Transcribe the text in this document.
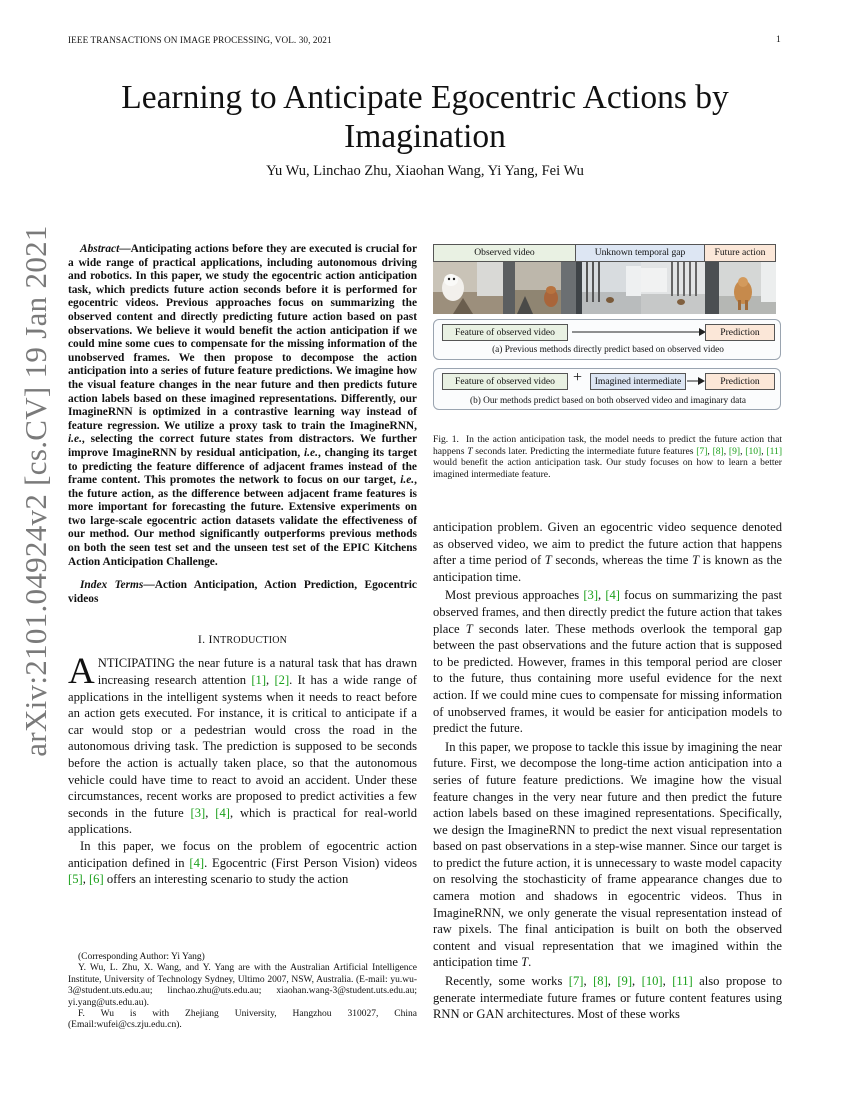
IEEE TRANSACTIONS ON IMAGE PROCESSING, VOL. 30, 2021	1
arXiv:2101.04924v2 [cs.CV] 19 Jan 2021
Learning to Anticipate Egocentric Actions by Imagination
Yu Wu, Linchao Zhu, Xiaohan Wang, Yi Yang, Fei Wu

Abstract—Anticipating actions before they are executed is crucial for a wide range of practical applications, including autonomous driving and robotics. In this paper, we study the egocentric action anticipation task, which predicts future action seconds before it is performed for egocentric videos. Previous approaches focus on summarizing the observed content and directly predicting future action based on past observations. We believe it would benefit the action anticipation if we could mine some cues to compensate for the missing information of the unobserved frames. We then propose to decompose the action anticipation into a series of future feature predictions. We imagine how the visual feature changes in the near future and then predicts future action labels based on these imagined representations. Differently, our ImagineRNN is optimized in a contrastive learning way instead of feature regression. We utilize a proxy task to train the ImagineRNN, i.e., selecting the correct future states from distractors. We further improve ImagineRNN by residual anticipation, i.e., changing its target to predicting the feature difference of adjacent frames instead of the frame content. This promotes the network to focus on our target, i.e., the future action, as the difference between adjacent frame features is more important for forecasting the future. Extensive experiments on two large-scale egocentric action datasets validate the effectiveness of our method. Our method significantly outperforms previous methods on both the seen test set and the unseen test set of the EPIC Kitchens Action Anticipation Challenge.

Index Terms—Action Anticipation, Action Prediction, Egocentric videos

I. INTRODUCTION

ANTICIPATING the near future is a natural task that has drawn increasing research attention [1], [2]. It has a wide range of applications in the intelligent systems when it needs to react before an action gets executed. For instance, it is critical to anticipate if a car would stop or a pedestrian would cross the road in the autonomous driving task. The prediction is supposed to be seconds before the action is actually taken place, so that the autonomous vehicle could have time to react to avoid an accident. Under these circumstances, recent works are proposed to predict activities a few seconds in the future [3], [4], which is practical for real-world applications.

In this paper, we focus on the problem of egocentric action anticipation defined in [4]. Egocentric (First Person Vision) videos [5], [6] offers an interesting scenario to study the action

(Corresponding Author: Yi Yang)

Y. Wu, L. Zhu, X. Wang, and Y. Yang are with the Australian Artificial Intelligence Institute, University of Technology Sydney, Ultimo 2007, NSW, Australia. (E-mail: yu.wu-3@student.uts.edu.au; linchao.zhu@uts.edu.au; xiaohan.wang-3@student.uts.edu.au; yi.yang@uts.edu.au).

F. Wu is with Zhejiang University, Hangzhou 310027, China (Email:wufei@cs.zju.edu.cn).

Observed video	Unknown temporal gap	Future action
Feature of observed video	Prediction
(a) Previous methods directly predict based on observed video
Feature of observed video	+	Imagined intermediate	Prediction
(b) Our methods predict based on both observed video and imaginary data
Fig. 1. In the action anticipation task, the model needs to predict the future action that happens T seconds later. Predicting the intermediate future features [7], [8], [9], [10], [11] would benefit the action anticipation task. Our study focuses on how to learn a better imagined intermediate feature.

anticipation problem. Given an egocentric video sequence denoted as observed video, we aim to predict the future action that happens after a time period of T seconds, whereas the time T is known as the anticipation time.

Most previous approaches [3], [4] focus on summarizing the past observed frames, and then directly predict the future action that takes place T seconds later. These methods overlook the temporal gap between the past observations and the future action that is supposed to be predicted. However, frames in this temporal period are closer to the future, thus containing more useful evidence for the next action. If we could mine cues to compensate for missing information of unobserved frames, it would be easier for anticipation models to predict the future.

In this paper, we propose to tackle this issue by imagining the near future. First, we decompose the long-time action anticipation into a series of future feature predictions. We imagine how the visual feature changes in the very near future and then predict the future action labels based on these imagined representations. Specifically, we design the ImagineRNN to predict the next visual representation based on past observations in a step-wise manner. Since our target is to predict the future action, it is unnecessary to waste model capacity on resolving the stochasticity of frame appearance changes due to camera motion and shadows in egocentric videos. Thus in ImagineRNN, we only generate the visual representation instead of raw pixels. The final anticipation is built on both the observed content and visual representation that we imagined within the anticipation time T.

Recently, some works [7], [8], [9], [10], [11] also propose to generate intermediate future frames or future content features using RNN or GAN architectures. Most of these works
